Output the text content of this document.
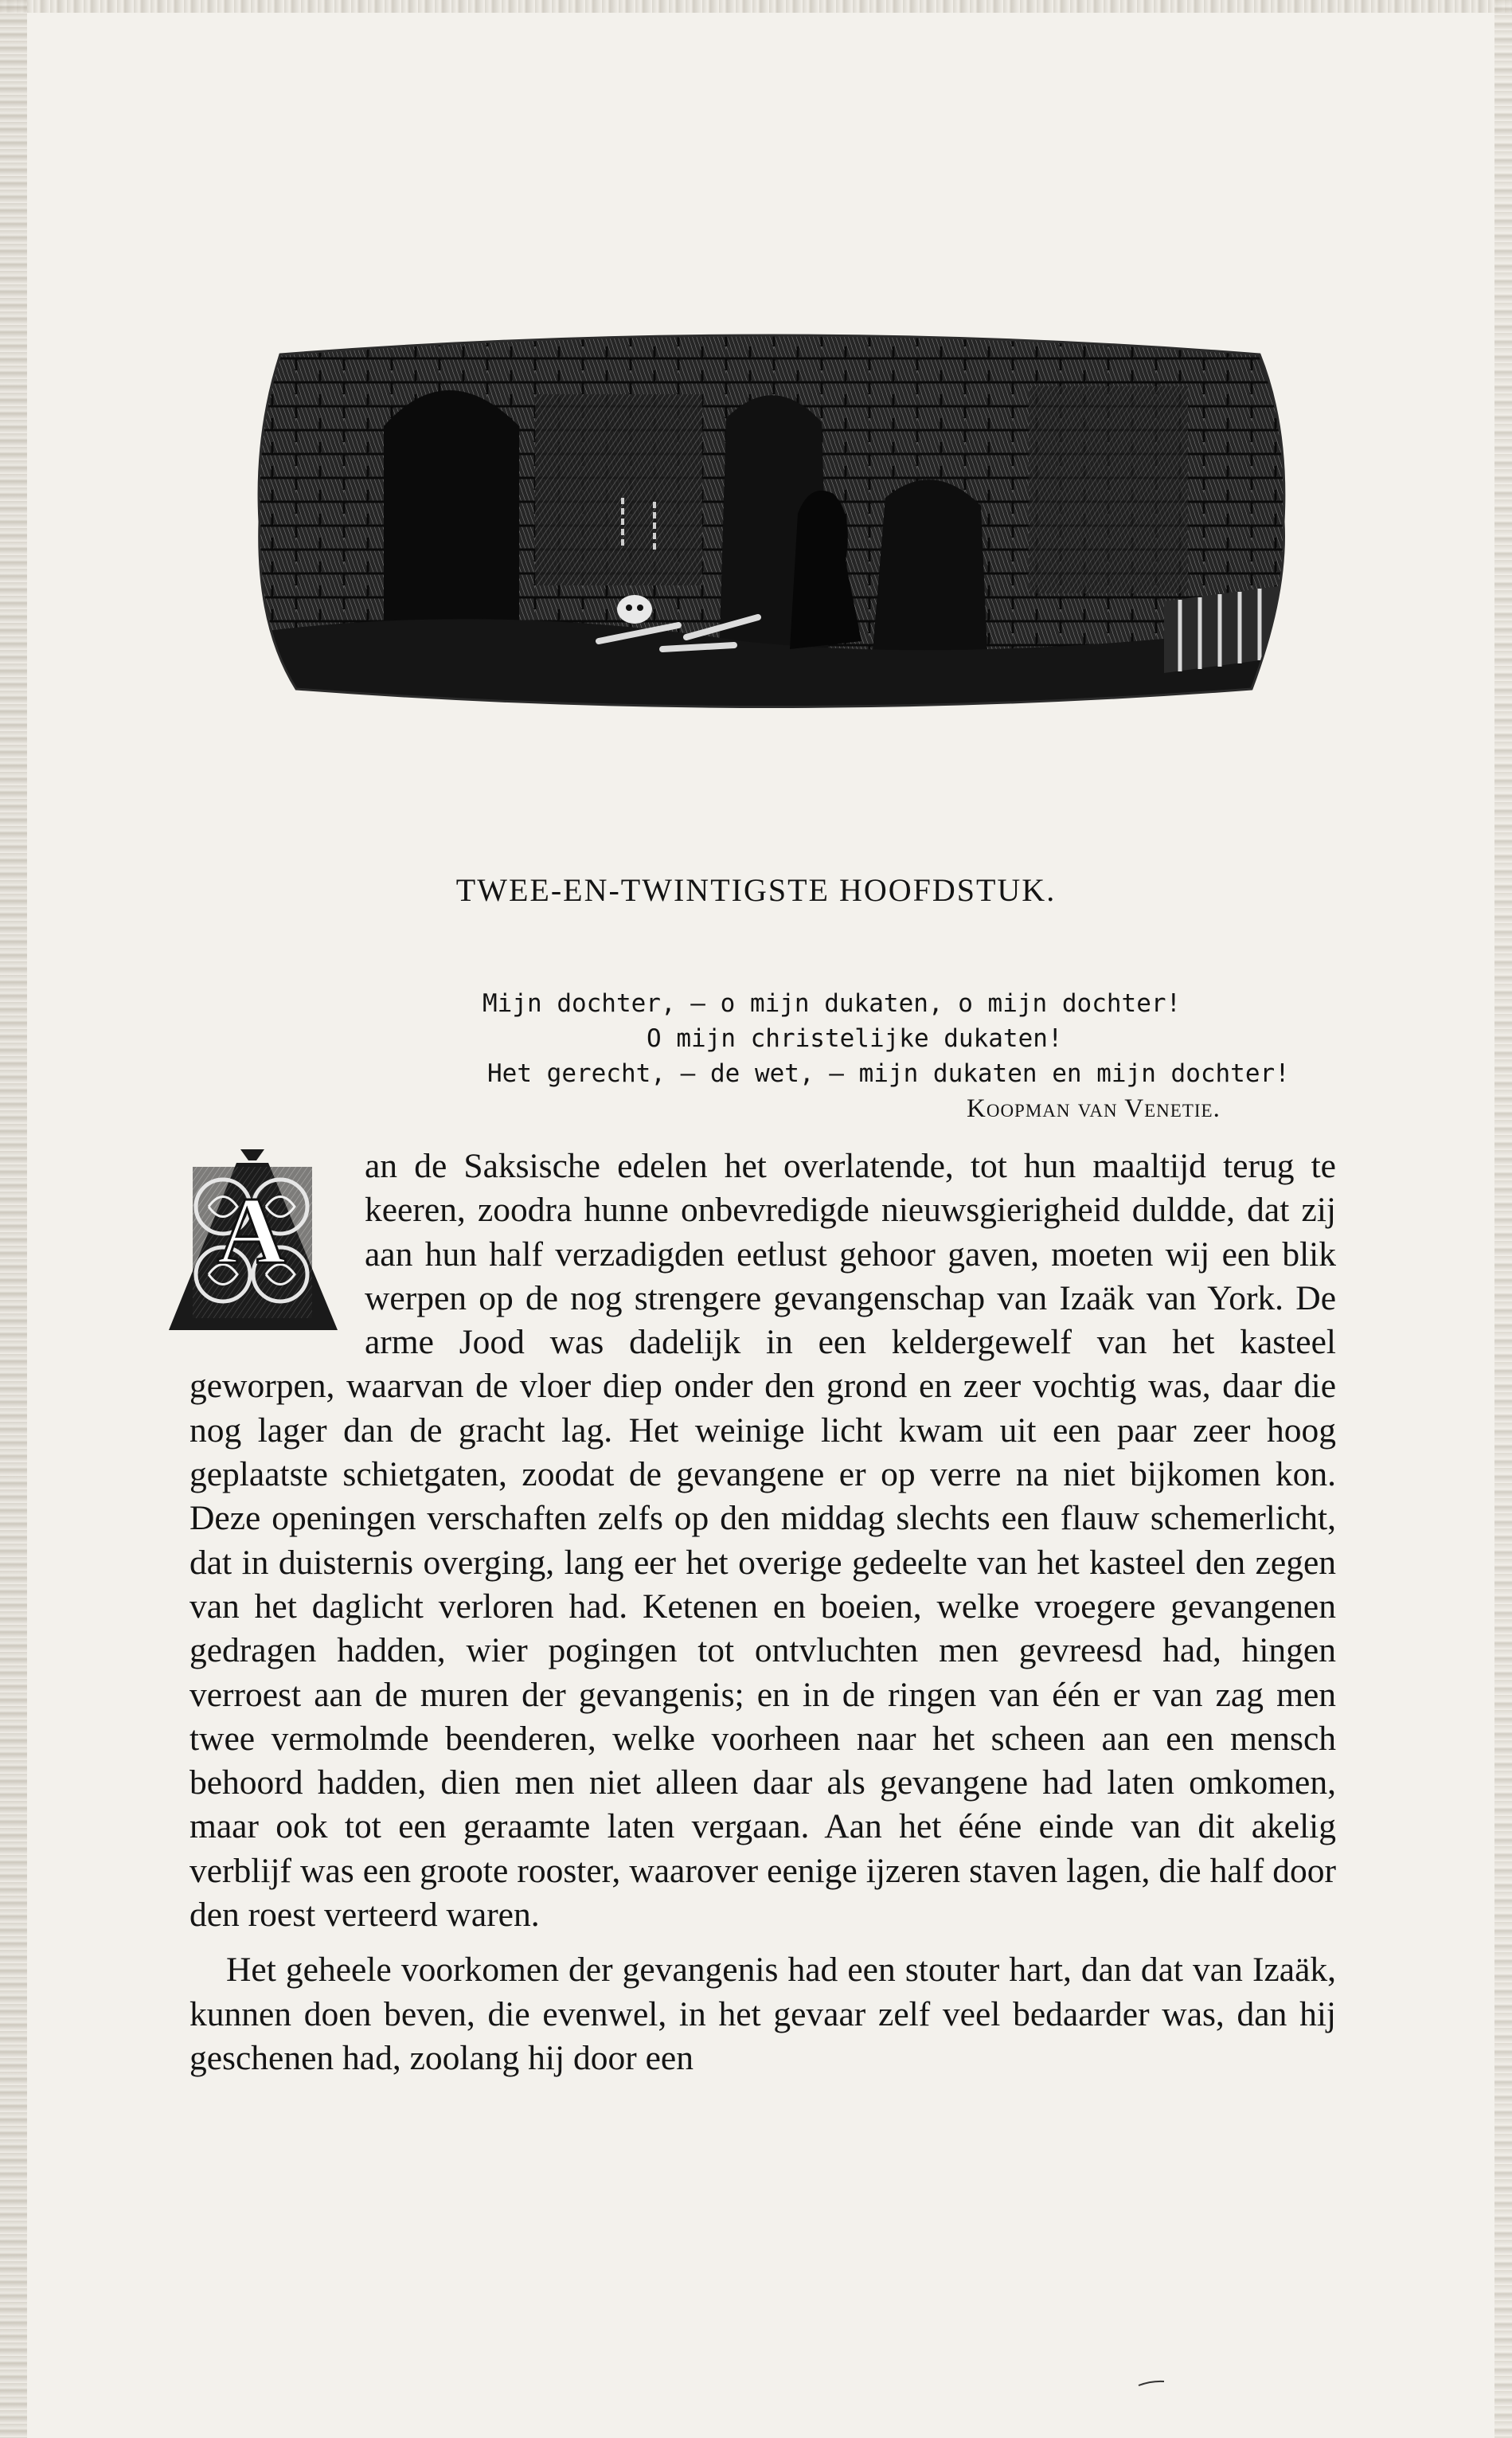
TWEE-EN-TWINTIGSTE HOOFDSTUK.
Mijn dochter, — o mijn dukaten, o mijn dochter!
O mijn christelijke dukaten!
Het gerecht, — de wet, — mijn dukaten en mijn dochter!
Koopman van Venetie.
A

an de Saksische edelen het overlatende, tot hun maaltijd terug te keeren, zoodra hunne onbevredigde nieuwsgierigheid duldde, dat zij aan hun half verzadigden eetlust gehoor gaven, moeten wij een blik werpen op de nog strengere gevangenschap van Izaäk van York. De arme Jood was dadelijk in een keldergewelf van het kasteel geworpen, waarvan de vloer diep onder den grond en zeer vochtig was, daar die nog lager dan de gracht lag. Het weinige licht kwam uit een paar zeer hoog geplaatste schietgaten, zoodat de gevangene er op verre na niet bijkomen kon. Deze openingen verschaften zelfs op den middag slechts een flauw schemerlicht, dat in duisternis overging, lang eer het overige gedeelte van het kasteel den zegen van het daglicht verloren had. Ketenen en boeien, welke vroegere gevangenen gedragen hadden, wier pogingen tot ontvluchten men gevreesd had, hingen verroest aan de muren der gevangenis; en in de ringen van één er van zag men twee vermolmde beenderen, welke voorheen naar het scheen aan een mensch behoord hadden, dien men niet alleen daar als gevangene had laten omkomen, maar ook tot een geraamte laten vergaan. Aan het ééne einde van dit akelig verblijf was een groote rooster, waarover eenige ijzeren staven lagen, die half door den roest verteerd waren.

Het geheele voorkomen der gevangenis had een stouter hart, dan dat van Izaäk, kunnen doen beven, die evenwel, in het gevaar zelf veel bedaarder was, dan hij geschenen had, zoolang hij door een
